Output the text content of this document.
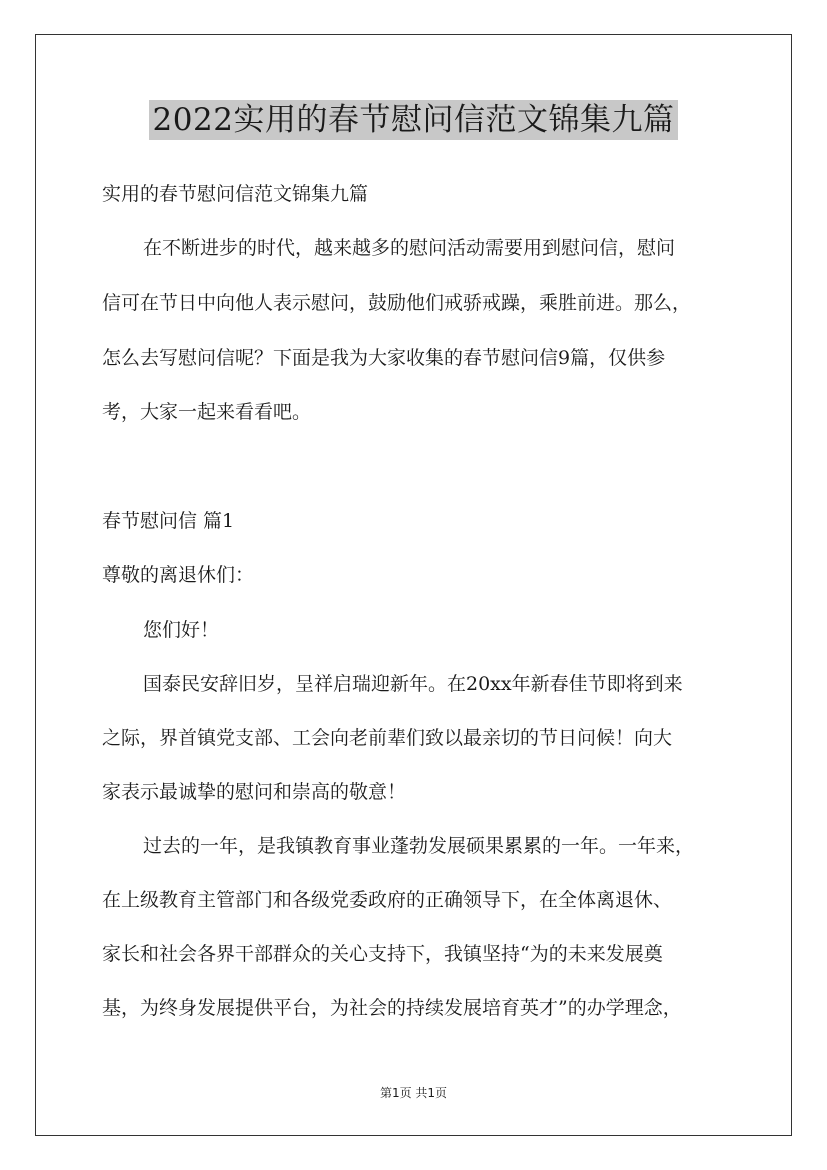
2022实用的春节慰问信范文锦集九篇
实用的春节慰问信范文锦集九篇
在不断进步的时代，越来越多的慰问活动需要用到慰问信，慰问
信可在节日中向他人表示慰问，鼓励他们戒骄戒躁，乘胜前进。那么，
怎么去写慰问信呢？下面是我为大家收集的春节慰问信9篇，仅供参
考，大家一起来看看吧。
春节慰问信 篇1
尊敬的离退休们：
您们好！
国泰民安辞旧岁，呈祥启瑞迎新年。在20xx年新春佳节即将到来
之际，界首镇党支部、工会向老前辈们致以最亲切的节日问候！向大
家表示最诚挚的慰问和崇高的敬意！
过去的一年，是我镇教育事业蓬勃发展硕果累累的一年。一年来，
在上级教育主管部门和各级党委政府的正确领导下，在全体离退休、
家长和社会各界干部群众的关心支持下，我镇坚持“为的未来发展奠
基，为终身发展提供平台，为社会的持续发展培育英才”的办学理念，
第1页 共1页
